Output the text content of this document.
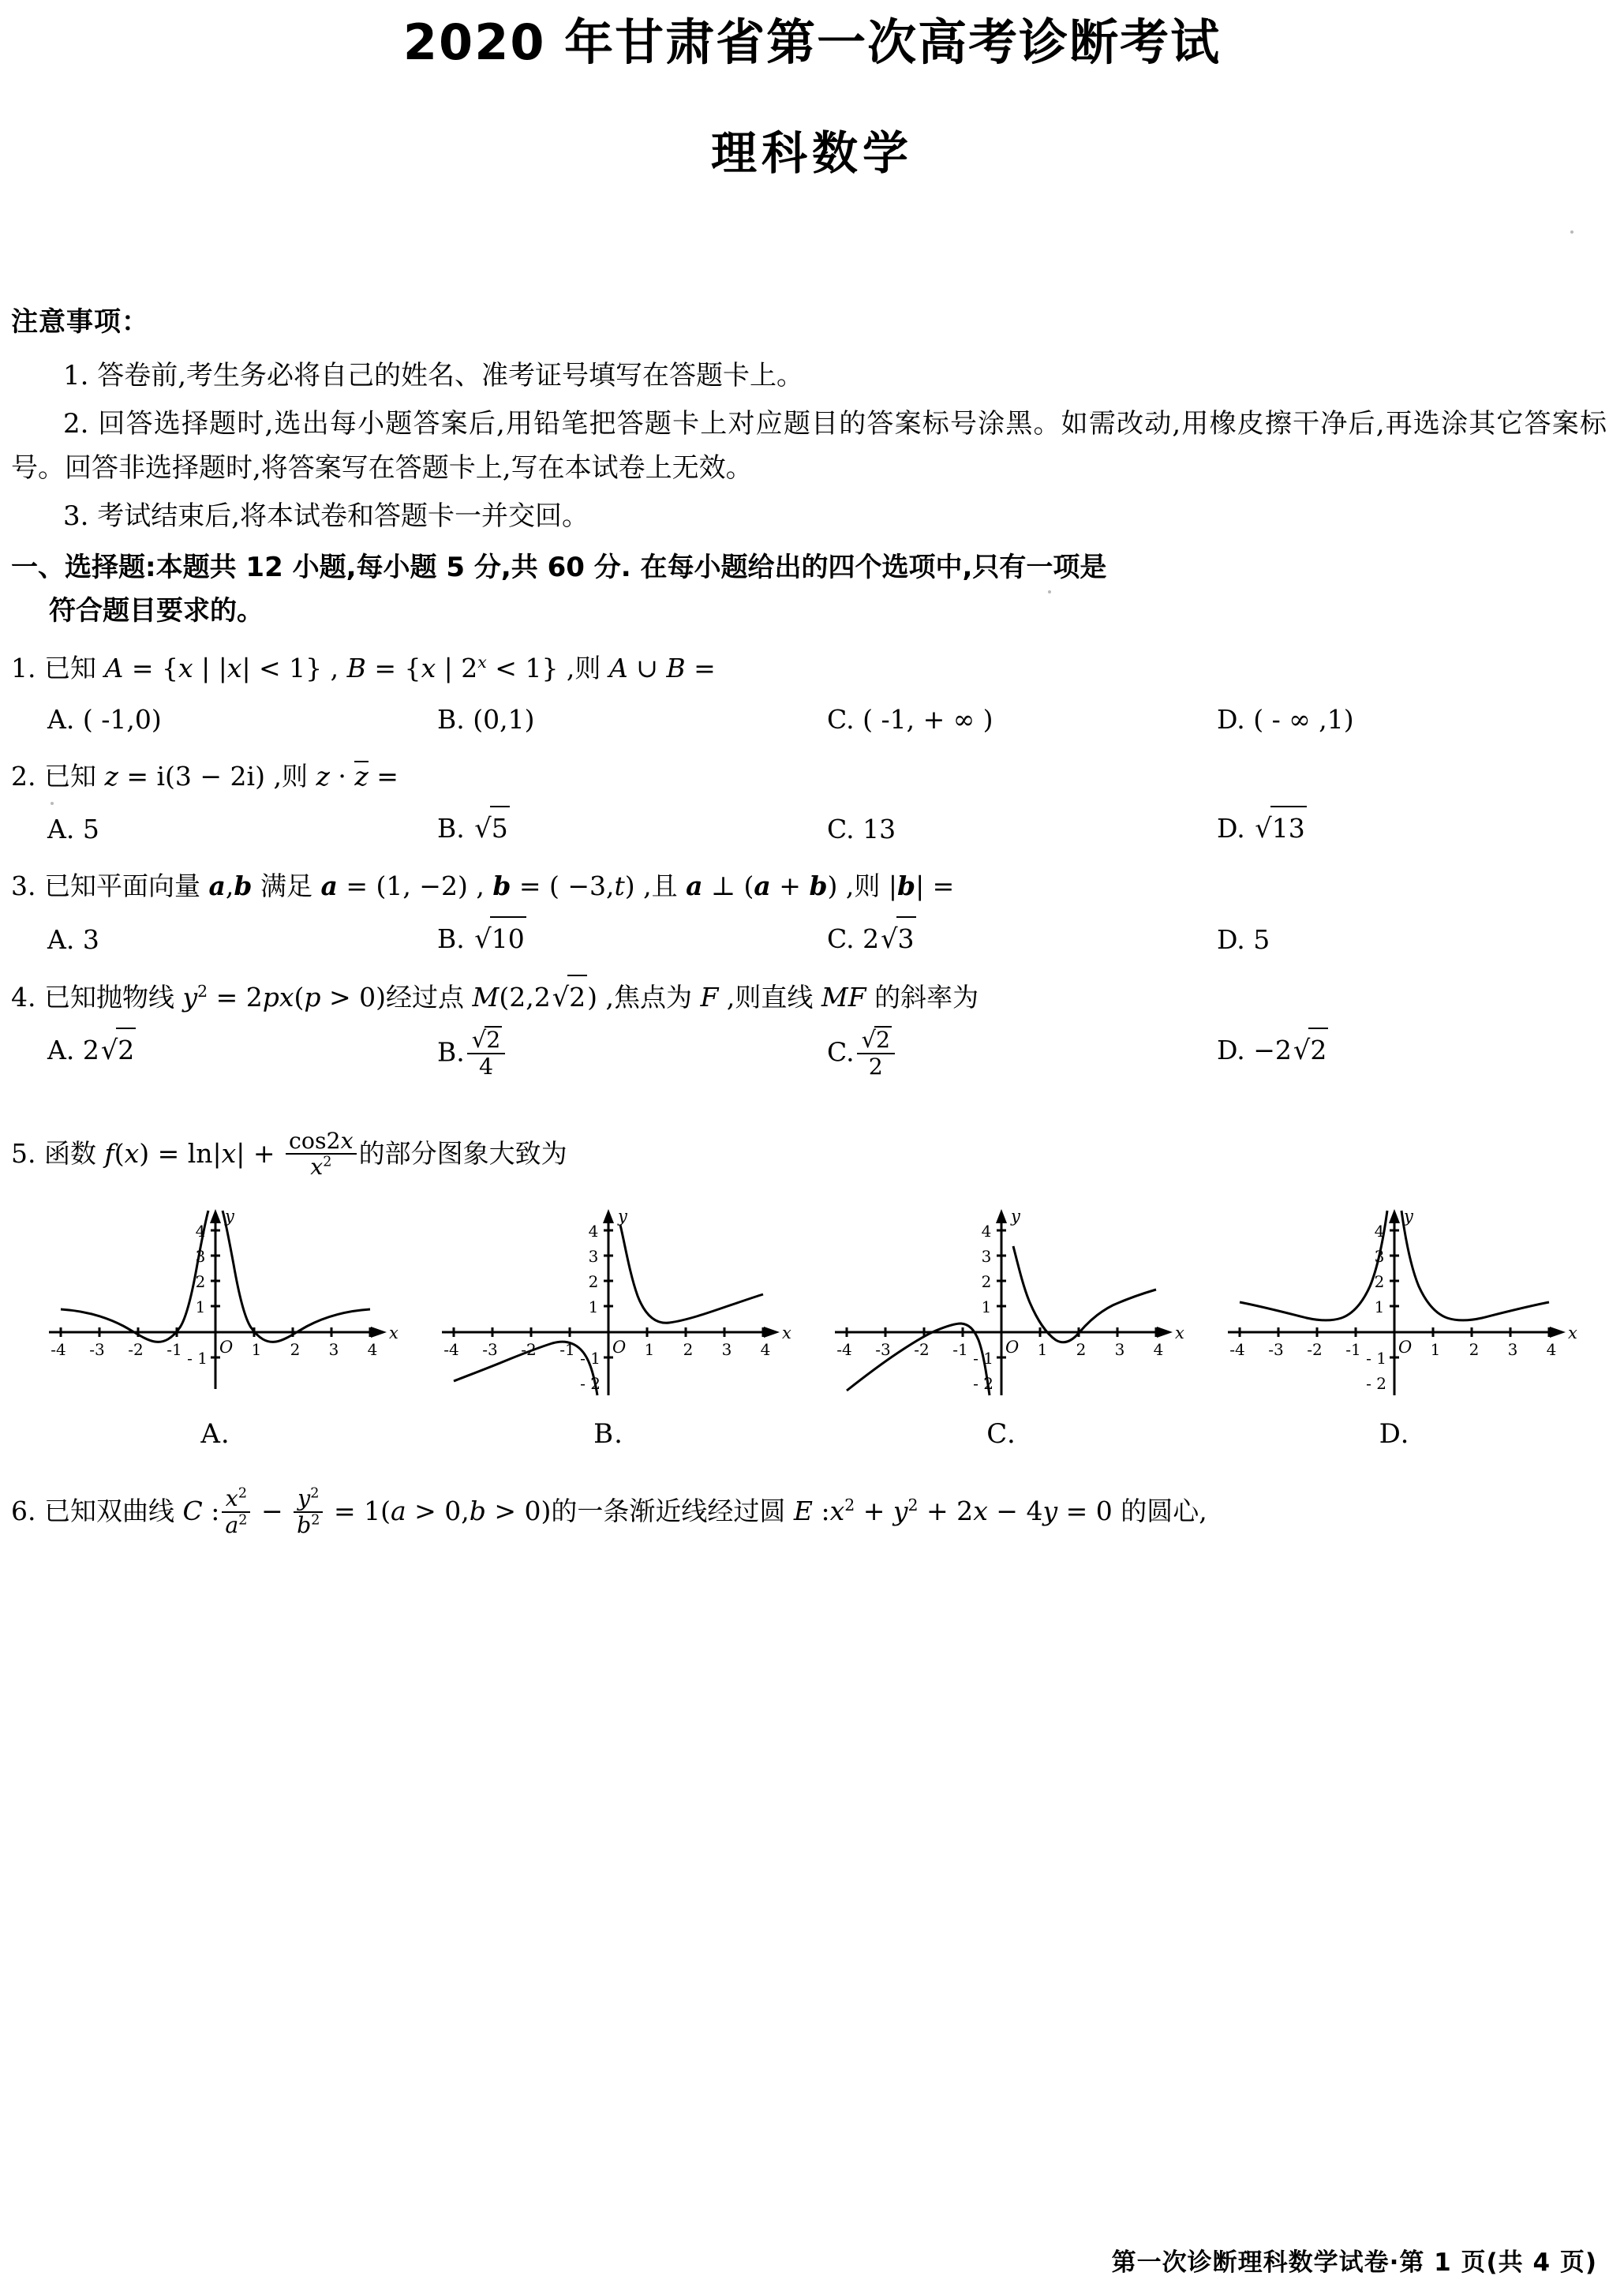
2020 年甘肃省第一次高考诊断考试
理科数学
注意事项：
1. 答卷前,考生务必将自己的姓名、准考证号填写在答题卡上。
2. 回答选择题时,选出每小题答案后,用铅笔把答题卡上对应题目的答案标号涂黑。如需改动,用橡皮擦干净后,再选涂其它答案标号。回答非选择题时,将答案写在答题卡上,写在本试卷上无效。
3. 考试结束后,将本试卷和答题卡一并交回。
一、选择题:本题共 12 小题,每小题 5 分,共 60 分. 在每小题给出的四个选项中,只有一项是
符合题目要求的。
1. 已知 A = {x | |x| < 1} , B = {x | $2^x < 1$} ,则 A ∪ B =
A. ( -1,0)	B. (0,1)	C. ( -1, + ∞ )	D. ( - ∞ ,1)
2. 已知 z = i(3 − 2i) ,则 z · z =
A. 5	B. √5	C. 13	D. √13
3. 已知平面向量 a,b 满足 a = (1, −2) , b = ( −3,t) ,且 a ⊥ (a + b) ,则 |b| =
A. 3	B. √10	C. 2√3	D. 5
4. 已知抛物线 $y^2 = 2px(p > 0)$经过点 M(2,2√2) ,焦点为 F ,则直线 MF 的斜率为
A. 2√2	B. $\frac{√2}{4}$	C. $\frac{√2}{2}$	D. −2√2
5. 函数 $f(x) = \ln|x| + \frac{\cos 2x}{x^2}$ 的部分图象大致为
x
y
O
-4 -3 -2 -1	1 2 3 4
1
2
3
4
- 1
A.
x
y
O
-4 -3 -2 -1	1 2 3 4
1
2
3
4
- 1
- 2
B.
x
y
O
-4 -3 -2 -1	1 2 3 4
1
2
3
4
- 1
- 2
C.
x
y
O
-4 -3 -2 -1	1 2 3 4
1
2
3
4
- 1
- 2
D.
6. 已知双曲线 C : $\frac{x^2}{a^2} - \frac{y^2}{b^2} = 1(a > 0,b > 0)$的一条渐近线经过圆 E $:x^2 + y^2 + 2x - 4y = 0$ 的圆心,
第一次诊断理科数学试卷·第 1 页(共 4 页)
